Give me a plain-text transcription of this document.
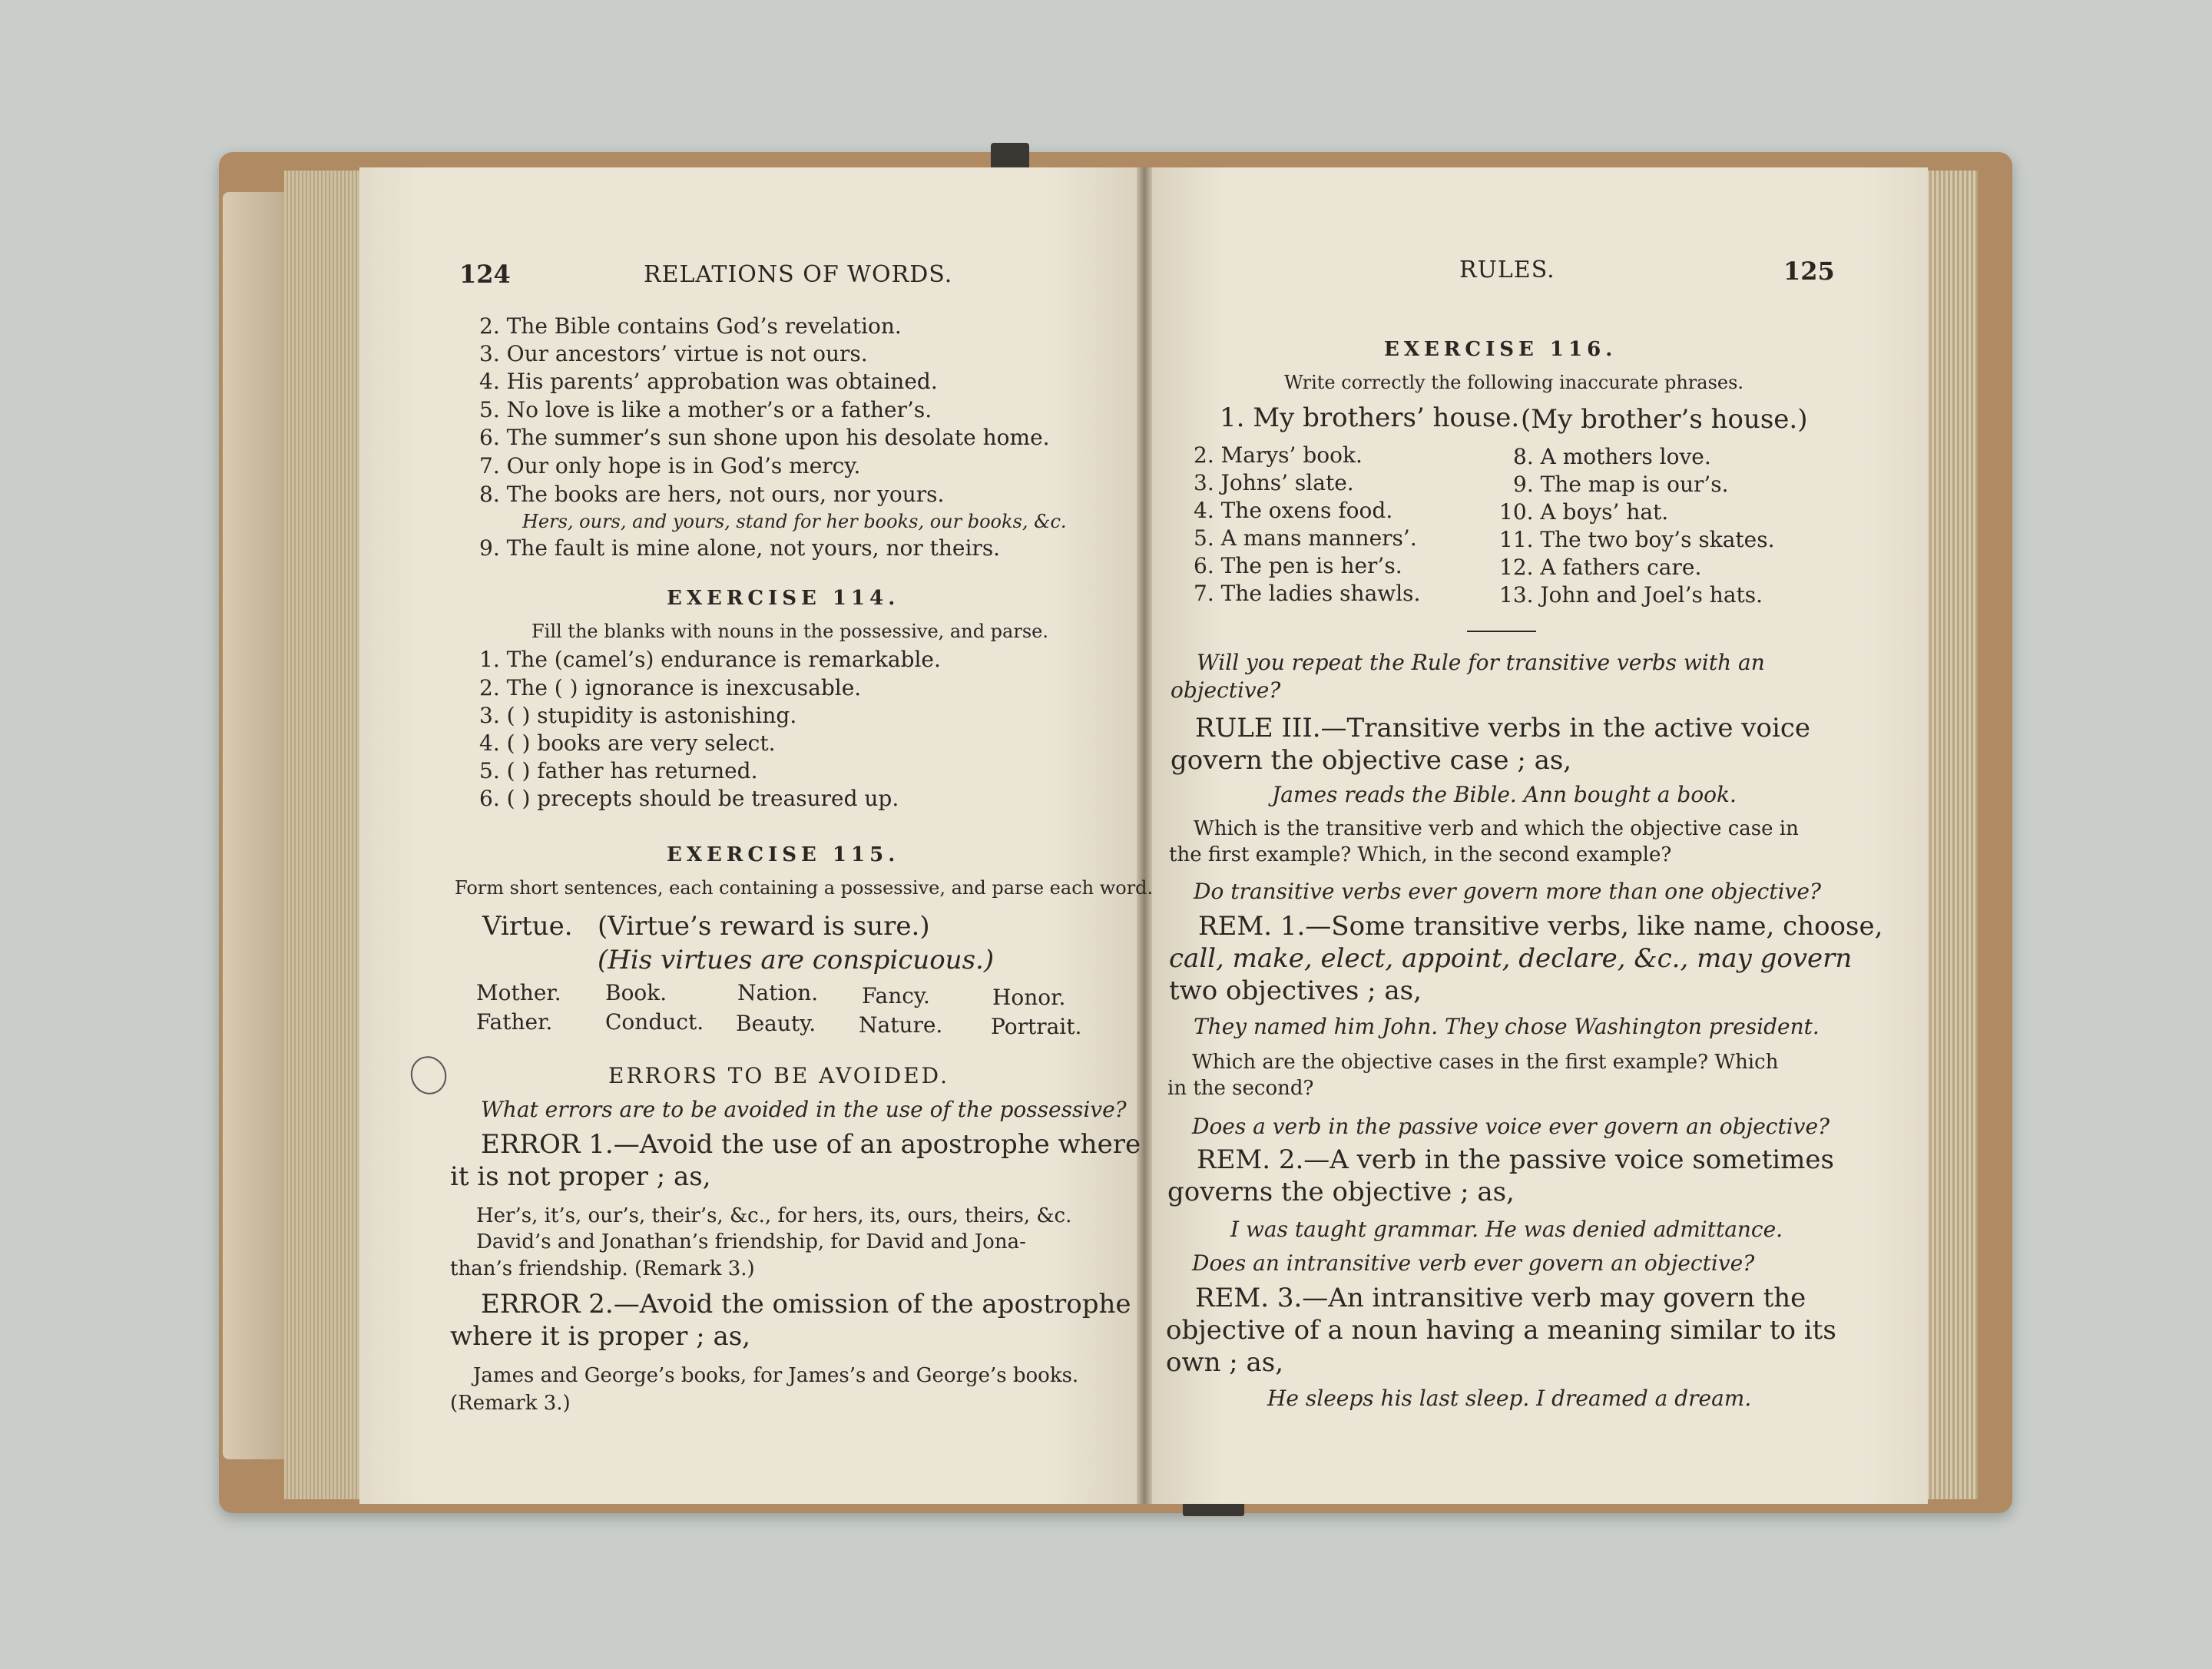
124	RELATIONS OF WORDS.
2. The Bible contains God’s revelation.
3. Our ancestors’ virtue is not ours.
4. His parents’ approbation was obtained.
5. No love is like a mother’s or a father’s.
6. The summer’s sun shone upon his desolate home.
7. Our only hope is in God’s mercy.
8. The books are hers, not ours, nor yours.
Hers, ours, and yours, stand for her books, our books, &c.
9. The fault is mine alone, not yours, nor theirs.
EXERCISE 114.
Fill the blanks with nouns in the possessive, and parse.
1. The (camel’s) endurance is remarkable.
2. The ( ) ignorance is inexcusable.
3. ( ) stupidity is astonishing.
4. ( ) books are very select.
5. ( ) father has returned.
6. ( ) precepts should be treasured up.
EXERCISE 115.
Form short sentences, each containing a possessive, and parse each word.
Virtue. (Virtue’s reward is sure.)
(His virtues are conspicuous.)
Mother. Book.	Nation. Fancy.	Honor.
Father. Conduct. Beauty. Nature. Portrait.
ERRORS TO BE AVOIDED.
What errors are to be avoided in the use of the possessive?
ERROR 1.—Avoid the use of an apostrophe where
it is not proper ; as,
Her’s, it’s, our’s, their’s, &c., for hers, its, ours, theirs, &c.
David’s and Jonathan’s friendship, for David and Jona-
than’s friendship. (Remark 3.)
ERROR 2.—Avoid the omission of the apostrophe
where it is proper ; as,
James and George’s books, for James’s and George’s books.
(Remark 3.)
RULES.	125
EXERCISE 116.
Write correctly the following inaccurate phrases.
1. My brothers’ house. (My brother’s house.)
2. Marys’ book.
3. Johns’ slate.
4. The oxens food.
5. A mans manners’.
6. The pen is her’s.
7. The ladies shawls.
8. A mothers love.
9. The map is our’s.
10. A boys’ hat.
11. The two boy’s skates.
12. A fathers care.
13. John and Joel’s hats.
Will you repeat the Rule for transitive verbs with an
objective?
RULE III.—Transitive verbs in the active voice
govern the objective case ; as,
James reads the Bible. Ann bought a book.
Which is the transitive verb and which the objective case in
the first example? Which, in the second example?
Do transitive verbs ever govern more than one objective?
REM. 1.—Some transitive verbs, like name, choose,
call, make, elect, appoint, declare, &c., may govern
two objectives ; as,
They named him John. They chose Washington president.
Which are the objective cases in the first example? Which
in the second?
Does a verb in the passive voice ever govern an objective?
REM. 2.—A verb in the passive voice sometimes
governs the objective ; as,
I was taught grammar. He was denied admittance.
Does an intransitive verb ever govern an objective?
REM. 3.—An intransitive verb may govern the
objective of a noun having a meaning similar to its
own ; as,
He sleeps his last sleep. I dreamed a dream.
